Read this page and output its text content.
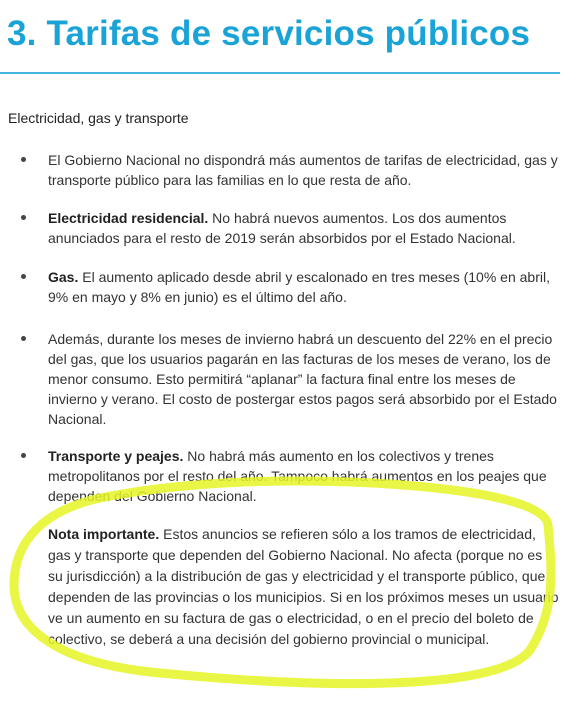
3. Tarifas de servicios públicos
Electricidad, gas y transporte
El Gobierno Nacional no dispondrá más aumentos de tarifas de electricidad, gas y transporte público para las familias en lo que resta de año.
Electricidad residencial. No habrá nuevos aumentos. Los dos aumentos anunciados para el resto de 2019 serán absorbidos por el Estado Nacional.
Gas. El aumento aplicado desde abril y escalonado en tres meses (10% en abril, 9% en mayo y 8% en junio) es el último del año.
Además, durante los meses de invierno habrá un descuento del 22% en el precio del gas, que los usuarios pagarán en las facturas de los meses de verano, los de menor consumo. Esto permitirá “aplanar” la factura final entre los meses de invierno y verano. El costo de postergar estos pagos será absorbido por el Estado Nacional.
Transporte y peajes. No habrá más aumento en los colectivos y trenes metropolitanos por el resto del año. Tampoco habrá aumentos en los peajes que dependen del Gobierno Nacional.
Nota importante. Estos anuncios se refieren sólo a los tramos de electricidad, gas y transporte que dependen del Gobierno Nacional. No afecta (porque no es su jurisdicción) a la distribución de gas y electricidad y el transporte público, que dependen de las provincias o los municipios. Si en los próximos meses un usuario ve un aumento en su factura de gas o electricidad, o en el precio del boleto de colectivo, se deberá a una decisión del gobierno provincial o municipal.
